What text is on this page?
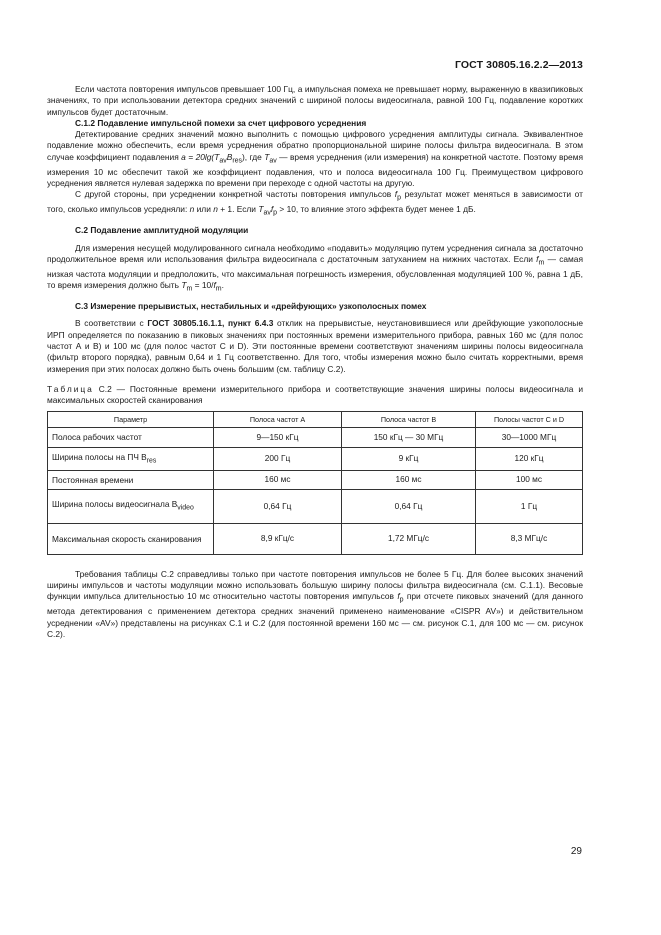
ГОСТ 30805.16.2.2—2013

Если частота повторения импульсов превышает 100 Гц, а импульсная помеха не превышает норму, выраженную в квазипиковых значениях, то при использовании детектора средних значений с шириной полосы видеосигнала, равной 100 Гц, подавление коротких импульсов будет достаточным.

С.1.2 Подавление импульсной помехи за счет цифрового усреднения

Детектирование средних значений можно выполнить с помощью цифрового усреднения амплитуды сигнала. Эквивалентное подавление можно обеспечить, если время усреднения обратно пропорциональной ширине полосы фильтра видеосигнала. В этом случае коэффициент подавления $a = 20\lg(T_{av}B_{res})$, где $T_{av}$ — время усреднения (или измерения) на конкретной частоте. Поэтому время измерения 10 мс обеспечит такой же коэффициент подавления, что и полоса видеосигнала 100 Гц. Преимуществом цифрового усреднения является нулевая задержка по времени при переходе с одной частоты на другую.

С другой стороны, при усреднении конкретной частоты повторения импульсов $f_p$ результат может меняться в зависимости от того, сколько импульсов усредняли: n или n + 1. Если $T_{av}f_p > 10$, то влияние этого эффекта будет менее 1 дБ.

С.2 Подавление амплитудной модуляции

Для измерения несущей модулированного сигнала необходимо «подавить» модуляцию путем усреднения сигнала за достаточно продолжительное время или использования фильтра видеосигнала с достаточным затуханием на нижних частотах. Если $f_m$ — самая низкая частота модуляции и предположить, что максимальная погрешность измерения, обусловленная модуляцией 100 %, равна 1 дБ, то время измерения должно быть $T_m = 10/f_m$.

С.3 Измерение прерывистых, нестабильных и «дрейфующих» узкополосных помех

В соответствии с ГОСТ 30805.16.1.1, пункт 6.4.3 отклик на прерывистые, неустановившиеся или дрейфующие узкополосные ИРП определяется по показанию в пиковых значениях при постоянных времени измерительного прибора, равных 160 мс (для полос частот А и В) и 100 мс (для полос частот С и D). Эти постоянные времени соответствуют значениям ширины полосы видеосигнала (фильтр второго порядка), равным 0,64 и 1 Гц соответственно. Для того, чтобы измерения можно было считать корректными, время измерения при этих полосах должно быть очень большим (см. таблицу С.2).

Таблица С.2 — Постоянные времени измерительного прибора и соответствующие значения ширины полосы видеосигнала и максимальных скоростей сканирования

Параметр	Полоса частот А	Полоса частот В	Полосы частот С и D
Полоса рабочих частот	9—150 кГц	150 кГц — 30 МГц	30—1000 МГц
Ширина полосы на ПЧ $B_{res}$	200 Гц	9 кГц	120 кГц
Постоянная времени	160 мс	160 мс	100 мс
Ширина полосы видеосигнала $B_{video}$	0,64 Гц	0,64 Гц	1 Гц
Максимальная скорость сканирования	8,9 кГц/с	1,72 МГц/с	8,3 МГц/с

Требования таблицы С.2 справедливы только при частоте повторения импульсов не более 5 Гц. Для более высоких значений ширины импульсов и частоты модуляции можно использовать большую ширину полосы фильтра видеосигнала (см. С.1.1). Весовые функции импульса длительностью 10 мс относительно частоты повторения импульсов $f_p$ при отсчете пиковых значений (для данного метода детектирования с применением детектора средних значений применено наименование «CISPR AV») и действительном усреднении «AV») представлены на рисунках С.1 и С.2 (для постоянной времени 160 мс — см. рисунок С.1, для 100 мс — см. рисунок С.2).

29
